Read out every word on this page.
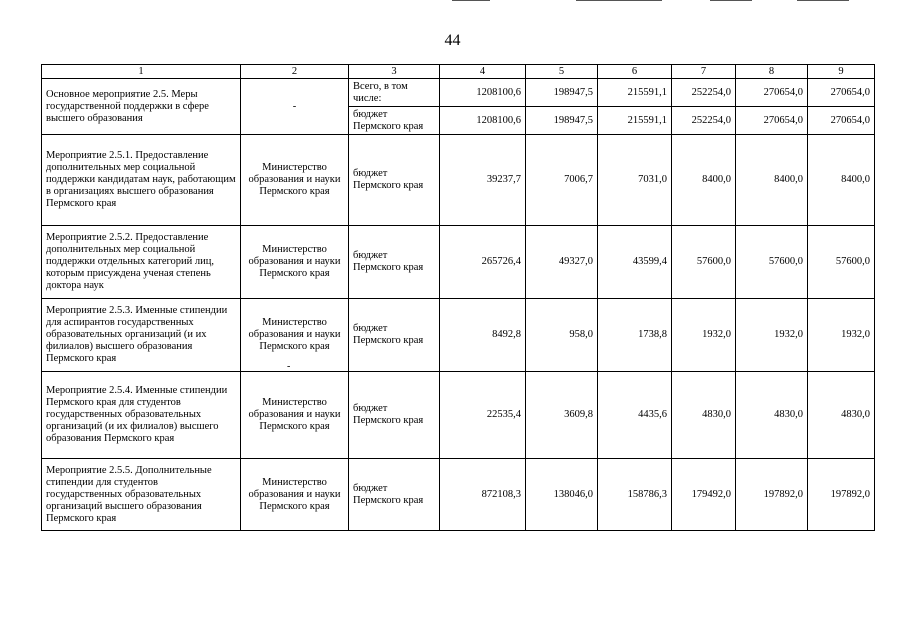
44
1	2	3	4	5	6	7	8	9
Основное мероприятие 2.5. Меры государственной поддержки в сфере высшего образования	-	Всего, в том числе:	1208100,6	198947,5	215591,1	252254,0	270654,0	270654,0
		бюджет Пермского края	1208100,6	198947,5	215591,1	252254,0	270654,0	270654,0
Мероприятие 2.5.1. Предоставление дополнительных мер социальной поддержки кандидатам наук, работающим в организациях высшего образования Пермского края	Министерство образования и науки Пермского края	бюджет Пермского края	39237,7	7006,7	7031,0	8400,0	8400,0	8400,0
Мероприятие 2.5.2. Предоставление дополнительных мер социальной поддержки отдельных категорий лиц, которым присуждена ученая степень доктора наук	Министерство образования и науки Пермского края	бюджет Пермского края	265726,4	49327,0	43599,4	57600,0	57600,0	57600,0
Мероприятие 2.5.3. Именные стипендии для аспирантов государственных образовательных организаций (и их филиалов) высшего образования Пермского края	Министерство образования и науки Пермского края	бюджет Пермского края	8492,8	958,0	1738,8	1932,0	1932,0	1932,0
Мероприятие 2.5.4. Именные стипендии Пермского края для студентов государственных образовательных организаций (и их филиалов) высшего образования Пермского края	Министерство образования и науки Пермского края	бюджет Пермского края	22535,4	3609,8	4435,6	4830,0	4830,0	4830,0
Мероприятие 2.5.5. Дополнительные стипендии для студентов государственных образовательных организаций высшего образования Пермского края	Министерство образования и науки Пермского края	бюджет Пермского края	872108,3	138046,0	158786,3	179492,0	197892,0	197892,0
-
